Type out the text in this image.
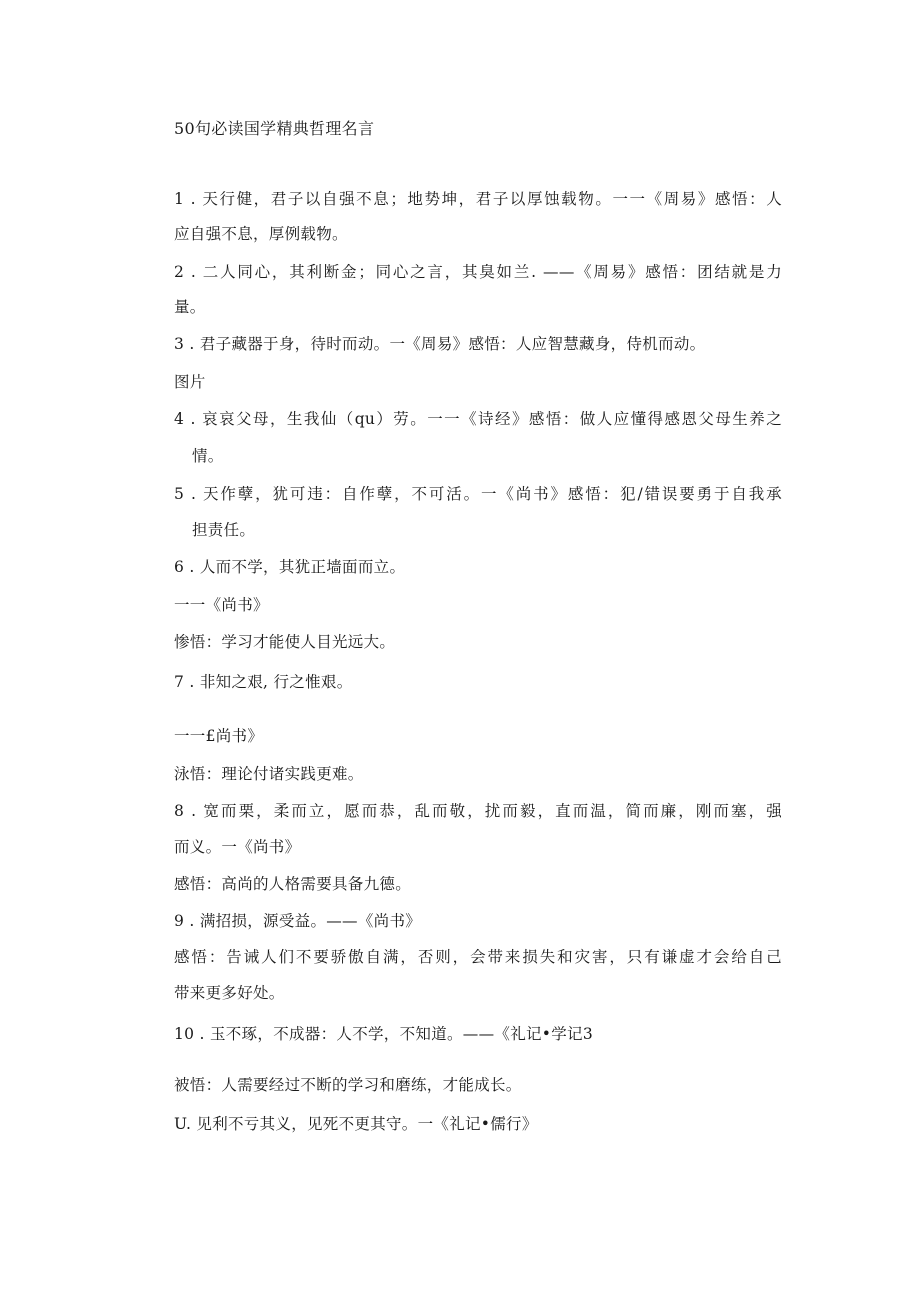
50句必读国学精典哲理名言
1 . 天行健，君子以自强不息；地势坤，君子以厚蚀载物。一一《周易》感悟：人
应自强不息，厚例载物。
2 . 二人同心，其利断金；同心之言，其臭如兰. ——《周易》感悟：团结就是力
量。
3 . 君子藏器于身，待时而动。一《周易》感悟：人应智慧藏身，侍机而动。
图片
4 . 哀哀父母，生我仙（qu）劳。一一《诗经》感悟：做人应懂得感恩父母生养之
情。
5 . 天作孽，犹可违：自作孽，不可活。一《尚书》感悟：犯/错误要勇于自我承
担责任。
6 . 人而不学，其犹正墙面而立。
一一《尚书》
惨悟：学习才能使人目光远大。
7 . 非知之艰, 行之惟艰。
一一£尚书》
泳悟：理论付诸实践更难。
8 . 宽而栗，柔而立，愿而恭，乱而敬，扰而毅，直而温，简而廉，刚而塞，强
而义。一《尚书》
感悟：高尚的人格需要具备九德。
9 . 满招损，源受益。——《尚书》
感悟：告诫人们不要骄傲自满，否则，会带来损失和灾害，只有谦虚才会给自己
带来更多好处。
10 . 玉不琢，不成器：人不学，不知道。——《礼记•学记3
被悟：人需要经过不断的学习和磨练，才能成长。
U. 见利不亏其义，见死不更其守。一《礼记•儒行》
